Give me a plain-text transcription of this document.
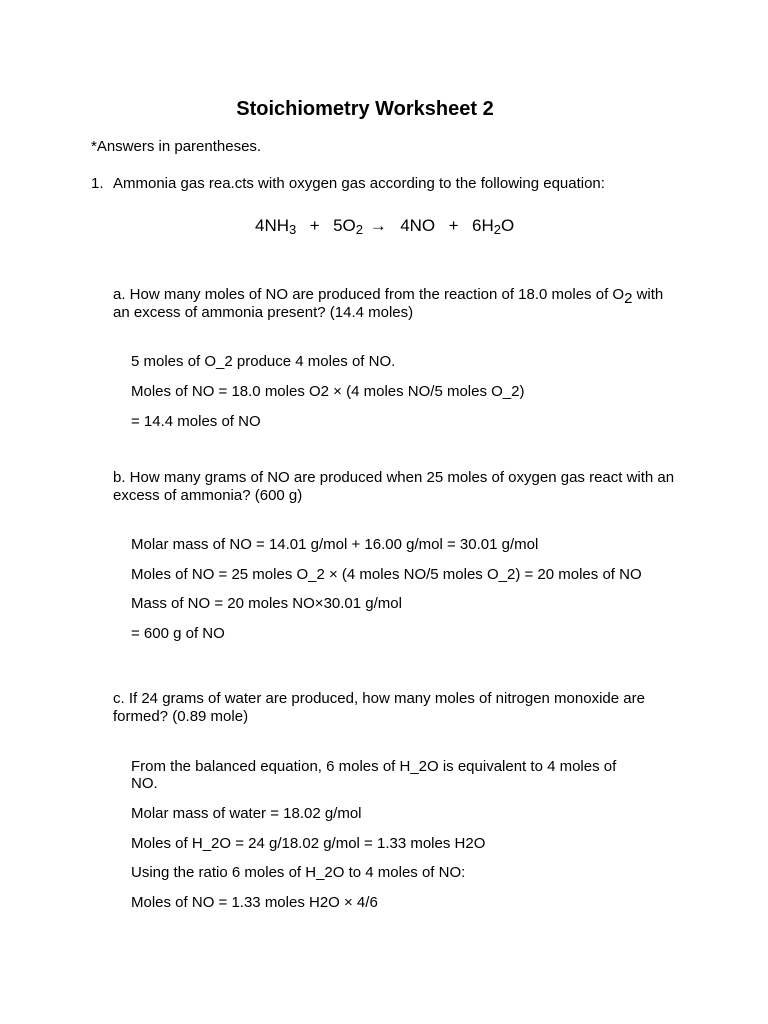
Stoichiometry Worksheet 2
*Answers in parentheses.
1. Ammonia gas rea.cts with oxygen gas according to the following equation:
$4NH_3 + 5O_2 \to 4NO + 6H_2O$
a. How many moles of NO are produced from the reaction of 18.0 moles of $O_2$ with an excess of ammonia present? (14.4 moles)
5 moles of O_2 produce 4 moles of NO.
Moles of NO = 18.0 moles O2 × (4 moles NO/5 moles O_2)
= 14.4 moles of NO
b. How many grams of NO are produced when 25 moles of oxygen gas react with an excess of ammonia? (600 g)
Molar mass of NO = 14.01 g/mol + 16.00 g/mol = 30.01 g/mol
Moles of NO = 25 moles O_2 × (4 moles NO/5 moles O_2) = 20 moles of NO
Mass of NO = 20 moles NO×30.01 g/mol
= 600 g of NO
c. If 24 grams of water are produced, how many moles of nitrogen monoxide are formed? (0.89 mole)
From the balanced equation, 6 moles of H_2O is equivalent to 4 moles of NO.
Molar mass of water = 18.02 g/mol
Moles of H_2O = 24 g/18.02 g/mol = 1.33 moles H2O
Using the ratio 6 moles of H_2O to 4 moles of NO:
Moles of NO = 1.33 moles H2O × 4/6
